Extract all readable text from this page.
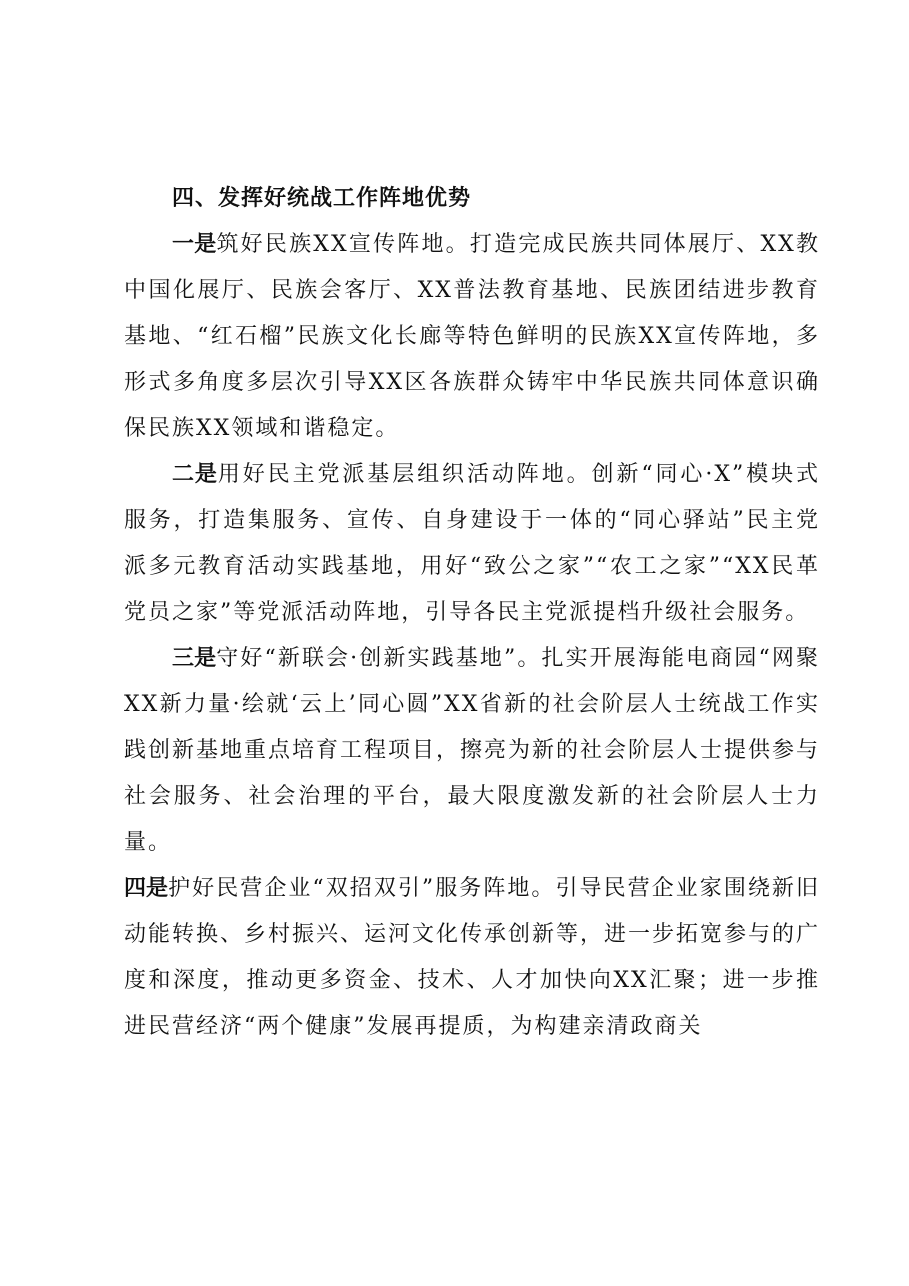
四、发挥好统战工作阵地优势

一是筑好民族XX宣传阵地。打造完成民族共同体展厅、XX教中国化展厅、民族会客厅、XX普法教育基地、民族团结进步教育基地、“红石榴”民族文化长廊等特色鲜明的民族XX宣传阵地，多形式多角度多层次引导XX区各族群众铸牢中华民族共同体意识确保民族XX领域和谐稳定。

二是用好民主党派基层组织活动阵地。创新“同心·X”模块式服务，打造集服务、宣传、自身建设于一体的“同心驿站”民主党派多元教育活动实践基地，用好“致公之家”“农工之家”“XX民革党员之家”等党派活动阵地，引导各民主党派提档升级社会服务。

三是守好“新联会·创新实践基地”。扎实开展海能电商园“网聚XX新力量·绘就‘云上’同心圆”XX省新的社会阶层人士统战工作实践创新基地重点培育工程项目，擦亮为新的社会阶层人士提供参与社会服务、社会治理的平台，最大限度激发新的社会阶层人士力量。

四是护好民营企业“双招双引”服务阵地。引导民营企业家围绕新旧动能转换、乡村振兴、运河文化传承创新等，进一步拓宽参与的广度和深度，推动更多资金、技术、人才加快向XX汇聚；进一步推进民营经济“两个健康”发展再提质，为构建亲清政商关
